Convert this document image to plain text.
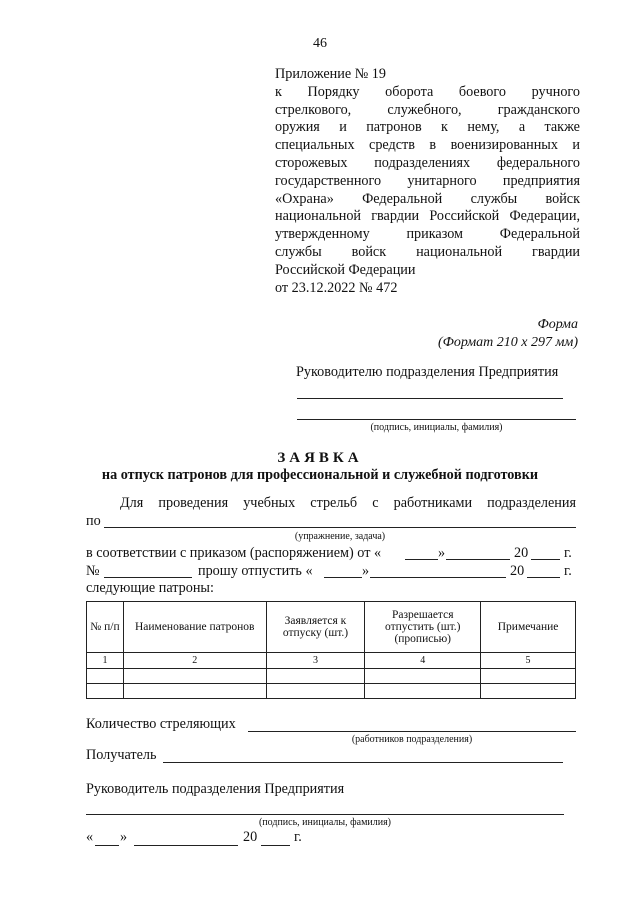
46
Приложение № 19
к Порядку оборота боевого ручного
стрелкового, служебного, гражданского
оружия и патронов к нему, а также
специальных средств в военизированных и
сторожевых подразделениях федерального
государственного унитарного предприятия
«Охрана» Федеральной службы войск
национальной гвардии Российской Федерации,
утвержденному приказом Федеральной
службы войск национальной гвардии
Российской Федерации
от 23.12.2022 № 472
Форма
(Формат 210 x 297 мм)
Руководителю подразделения Предприятия
(подпись, инициалы, фамилия)
ЗАЯВКА
на отпуск патронов для профессиональной и служебной подготовки
Для проведения учебных стрельб с работниками подразделения
по
(упражнение, задача)
в соответствии с приказом (распоряжением) от «	»	20	г.
№	прошу отпустить «	»	20	г.
следующие патроны:
№ п/п	Наименование патронов	Заявляется к отпуску (шт.)	Разрешается отпустить (шт.) (прописью)	Примечание
1	2	3	4	5

Количество стреляющих
(работников подразделения)
Получатель
Руководитель подразделения Предприятия
(подпись, инициалы, фамилия)
« »	20	г.
